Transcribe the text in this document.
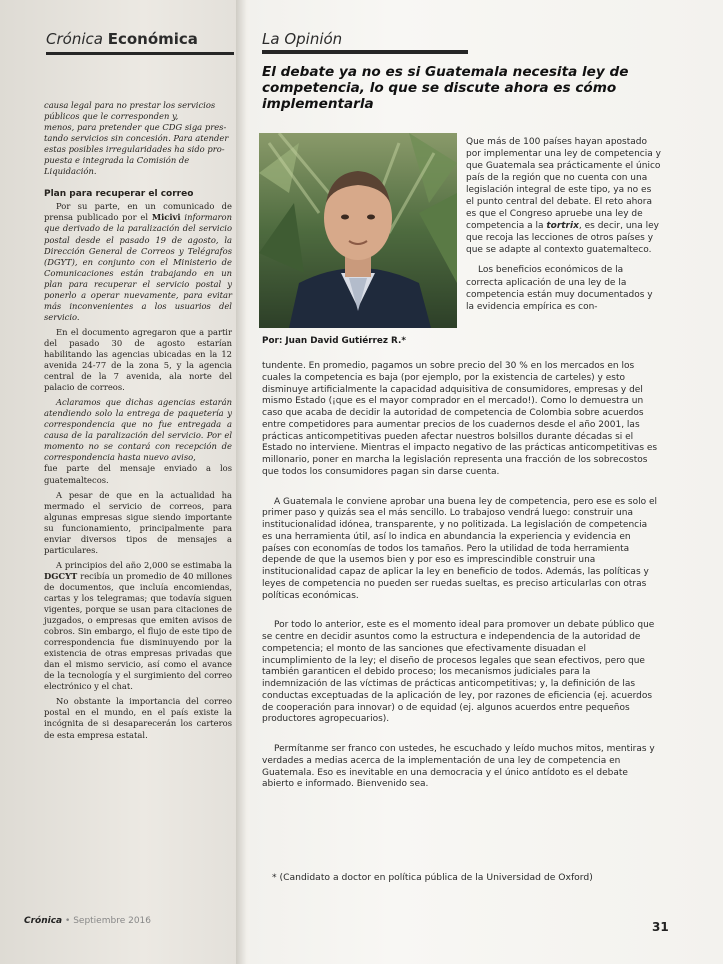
Crónica Económica	La Opinión

causa legal para no prestar los servicios
públicos que le corresponden y,
menos, para pretender que CDG siga pres-
tando servicios sin concesión. Para atender
estas posibles irregularidades ha sido pro-
puesta e integrada la Comisión de
Liquidación.

Plan para recuperar el correo

Por su parte, en un comunicado de prensa publicado por el Micivi informaron que derivado de la paralización del servicio postal desde el pasado 19 de agosto, la Dirección General de Correos y Telégrafos (DGYT), en conjunto con el Ministerio de Comunicaciones están trabajando en un plan para recuperar el servicio postal y ponerlo a operar nuevamente, para evitar más inconvenientes a los usuarios del servicio.

En el documento agregaron que a partir del pasado 30 de agosto estarían habilitando las agencias ubicadas en la 12 avenida 24-77 de la zona 5, y la agencia central de la 7 avenida, ala norte del palacio de correos.

Aclaramos que dichas agencias estarán atendiendo solo la entrega de paquetería y correspondencia que no fue entregada a causa de la paralización del servicio. Por el momento no se contará con recepción de correspondencia hasta nuevo aviso,

fue parte del mensaje enviado a los guatemaltecos.

A pesar de que en la actualidad ha mermado el servicio de correos, para algunas empresas sigue siendo importante su funcionamiento, principalmente para enviar diversos tipos de mensajes a particulares.

A principios del año 2,000 se estimaba la DGCYT recibía un promedio de 40 millones de documentos, que incluía encomiendas, cartas y los telegramas; que todavía siguen vigentes, porque se usan para citaciones de juzgados, o empresas que emiten avisos de cobros. Sin embargo, el flujo de este tipo de correspondencia fue disminuyendo por la existencia de otras empresas privadas que dan el mismo servicio, así como el avance de la tecnología y el surgimiento del correo electrónico y el chat.

No obstante la importancia del correo postal en el mundo, en el país existe la incógnita de si desaparecerán los carteros de esta empresa estatal.

El debate ya no es si Guatemala necesita ley de competencia, lo que se discute ahora es cómo implementarla
Por: Juan David Gutiérrez R.*

Que más de 100 países hayan apostado por implementar una ley de competencia y que Guatemala sea prácticamente el único país de la región que no cuenta con una legislación integral de este tipo, ya no es el punto central del debate. El reto ahora es que el Congreso apruebe una ley de competencia a la tortrix, es decir, una ley que recoja las lecciones de otros países y que se adapte al contexto guatemalteco.

Los beneficios económicos de la correcta aplicación de una ley de la competencia están muy documentados y la evidencia empírica es con-

tundente. En promedio, pagamos un sobre precio del 30 % en los mercados en los cuales la competencia es baja (por ejemplo, por la existencia de carteles) y esto disminuye artificialmente la capacidad adquisitiva de consumidores, empresas y del mismo Estado (¡que es el mayor comprador en el mercado!). Como lo demuestra un caso que acaba de decidir la autoridad de competencia de Colombia sobre acuerdos entre competidores para aumentar precios de los cuadernos desde el año 2001, las prácticas anticompetitivas pueden afectar nuestros bolsillos durante décadas si el Estado no interviene. Mientras el impacto negativo de las prácticas anticompetitivas es millonario, poner en marcha la legislación representa una fracción de los sobrecostos que todos los consumidores pagan sin darse cuenta.

A Guatemala le conviene aprobar una buena ley de competencia, pero ese es solo el primer paso y quizás sea el más sencillo. Lo trabajoso vendrá luego: construir una institucionalidad idónea, transparente, y no politizada. La legislación de competencia es una herramienta útil, así lo indica en abundancia la experiencia y evidencia en países con economías de todos los tamaños. Pero la utilidad de toda herramienta depende de que la usemos bien y por eso es imprescindible construir una institucionalidad capaz de aplicar la ley en beneficio de todos. Además, las políticas y leyes de competencia no pueden ser ruedas sueltas, es preciso articularlas con otras políticas económicas.

Por todo lo anterior, este es el momento ideal para promover un debate público que se centre en decidir asuntos como la estructura e independencia de la autoridad de competencia; el monto de las sanciones que efectivamente disuadan el incumplimiento de la ley; el diseño de procesos legales que sean efectivos, pero que también garanticen el debido proceso; los mecanismos judiciales para la indemnización de las víctimas de prácticas anticompetitivas; y, la definición de las conductas exceptuadas de la aplicación de ley, por razones de eficiencia (ej. acuerdos de cooperación para innovar) o de equidad (ej. algunos acuerdos entre pequeños productores agropecuarios).

Permítanme ser franco con ustedes, he escuchado y leído muchos mitos, mentiras y verdades a medias acerca de la implementación de una ley de competencia en Guatemala. Eso es inevitable en una democracia y el único antídoto es el debate abierto e informado. Bienvenido sea.

* (Candidato a doctor en política pública de la Universidad de Oxford)
Crónica • Septiembre 2016	31
